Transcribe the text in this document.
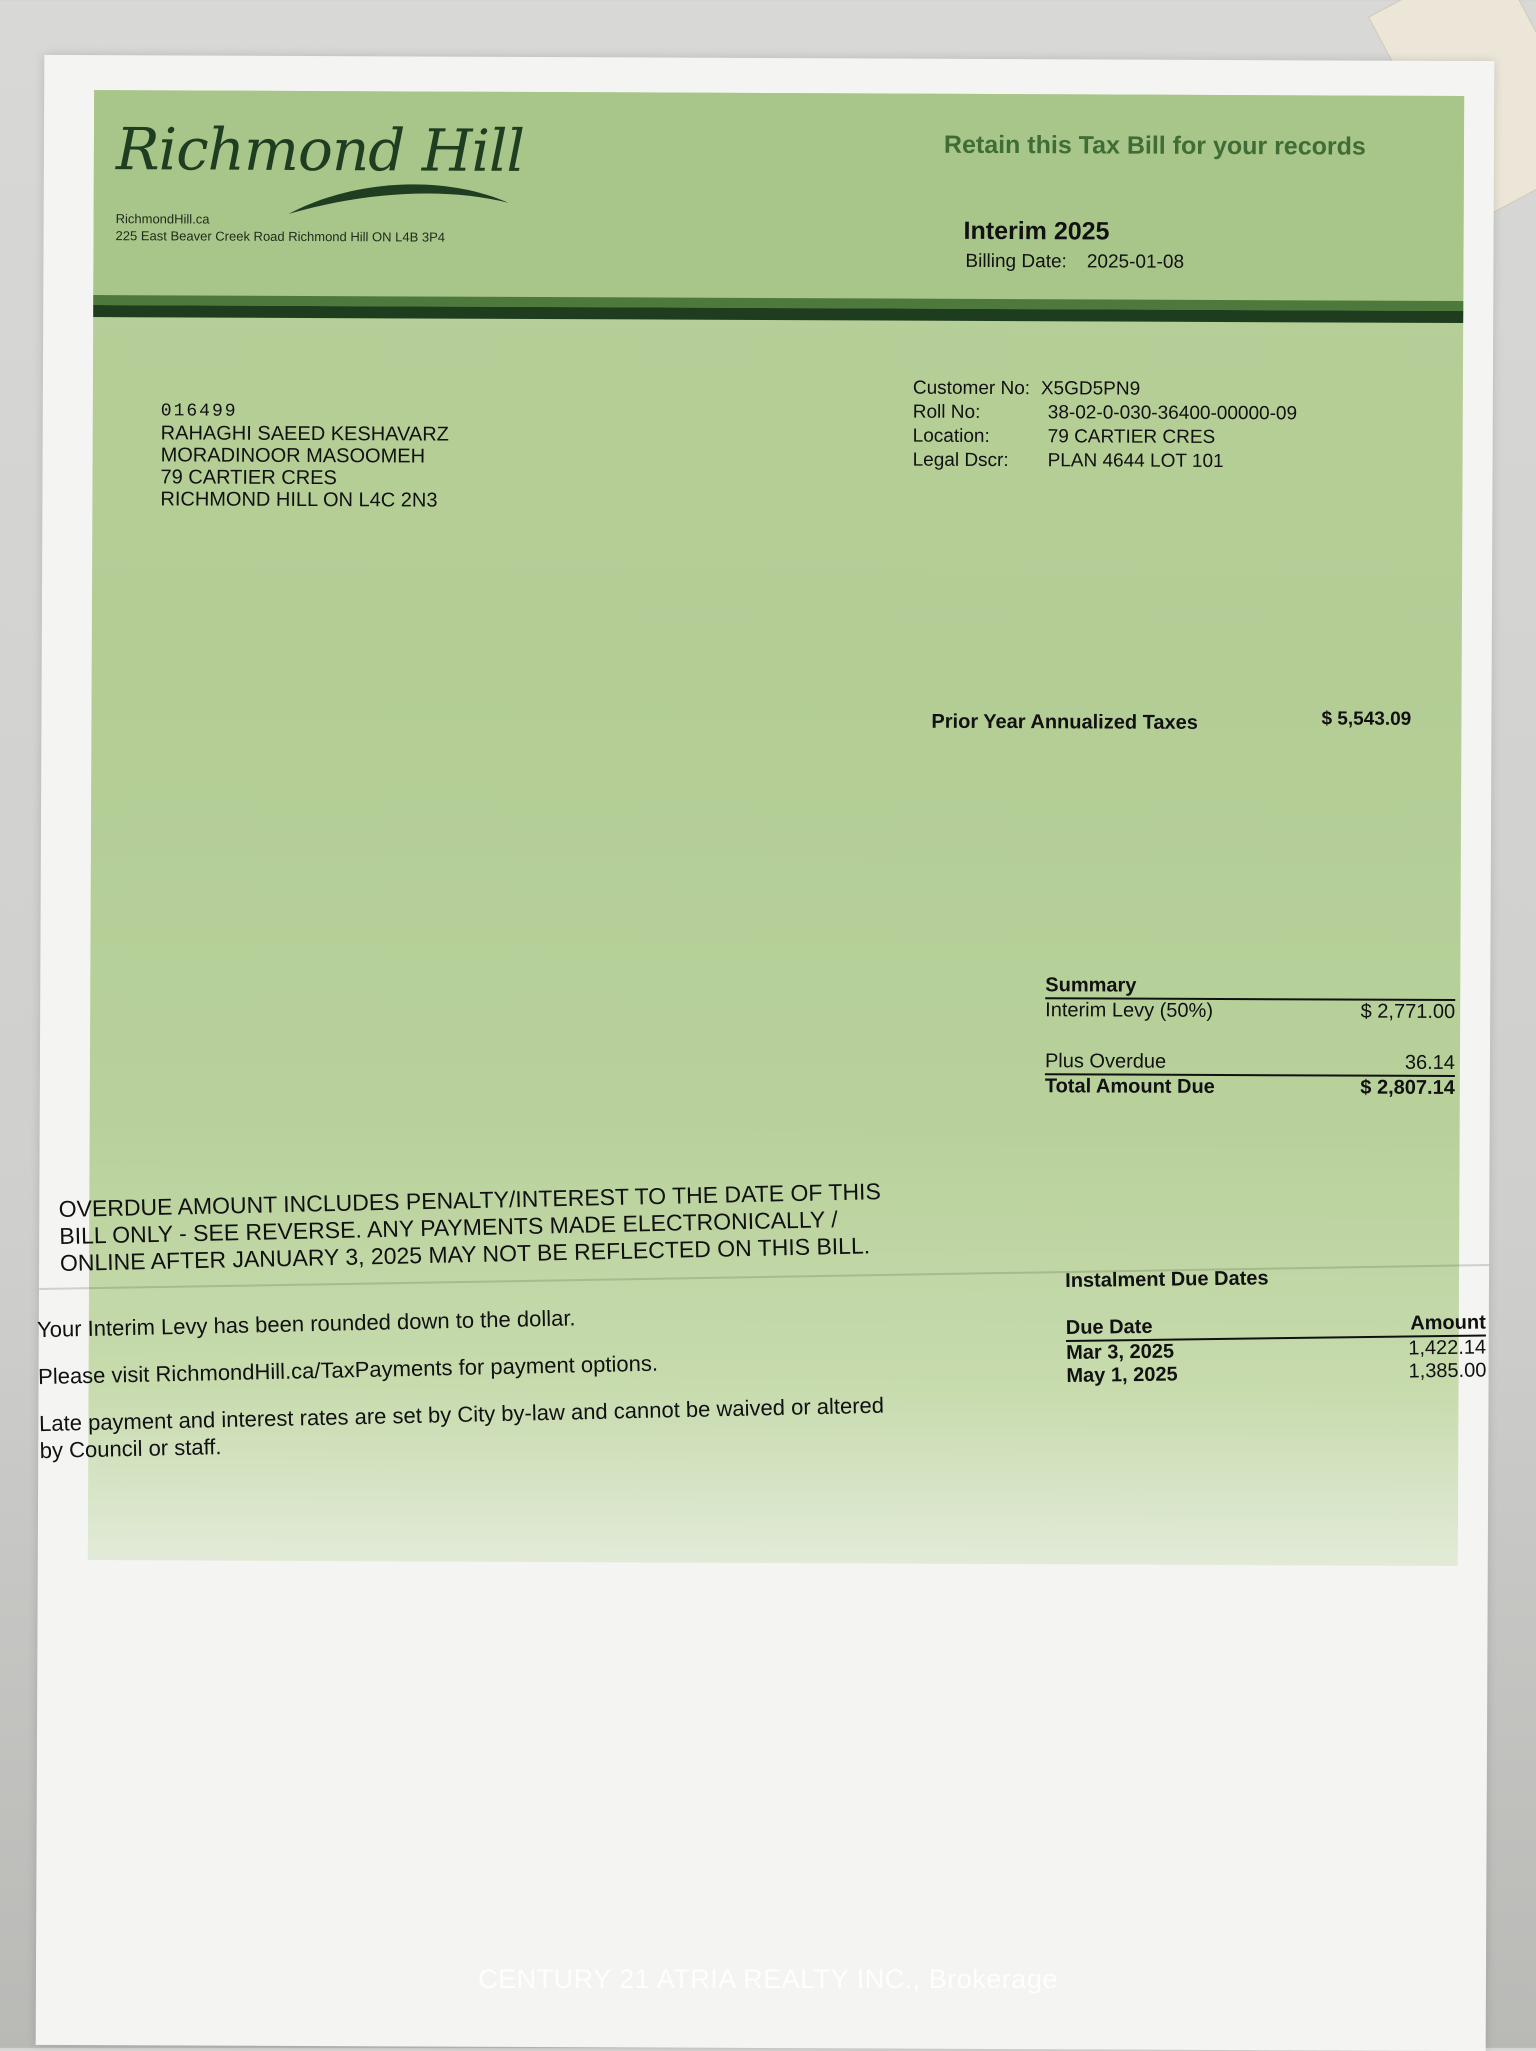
Richmond Hill
RichmondHill.ca
225 East Beaver Creek Road Richmond Hill ON L4B 3P4
Retain this Tax Bill for your records
Interim 2025
Billing Date: 2025-01-08
016499
RAHAGHI SAEED KESHAVARZ
MORADINOOR MASOOMEH
79 CARTIER CRES
RICHMOND HILL ON L4C 2N3
Customer No: X5GD5PN9
Roll No:	38-02-0-030-36400-00000-09
Location:	79 CARTIER CRES
Legal Dscr:	PLAN 4644 LOT 101
Prior Year Annualized Taxes	$ 5,543.09
Summary
Interim Levy (50%)	$ 2,771.00
Plus Overdue	36.14
Total Amount Due	$ 2,807.14
OVERDUE AMOUNT INCLUDES PENALTY/INTEREST TO THE DATE OF THIS BILL ONLY - SEE REVERSE. ANY PAYMENTS MADE ELECTRONICALLY / ONLINE AFTER JANUARY 3, 2025 MAY NOT BE REFLECTED ON THIS BILL.

Your Interim Levy has been rounded down to the dollar.

Please visit RichmondHill.ca/TaxPayments for payment options.

Late payment and interest rates are set by City by-law and cannot be waived or altered by Council or staff.

Instalment Due Dates
Due Date	Amount
Mar 3, 2025	1,422.14
May 1, 2025	1,385.00
CENTURY 21 ATRIA REALTY INC., Brokerage
